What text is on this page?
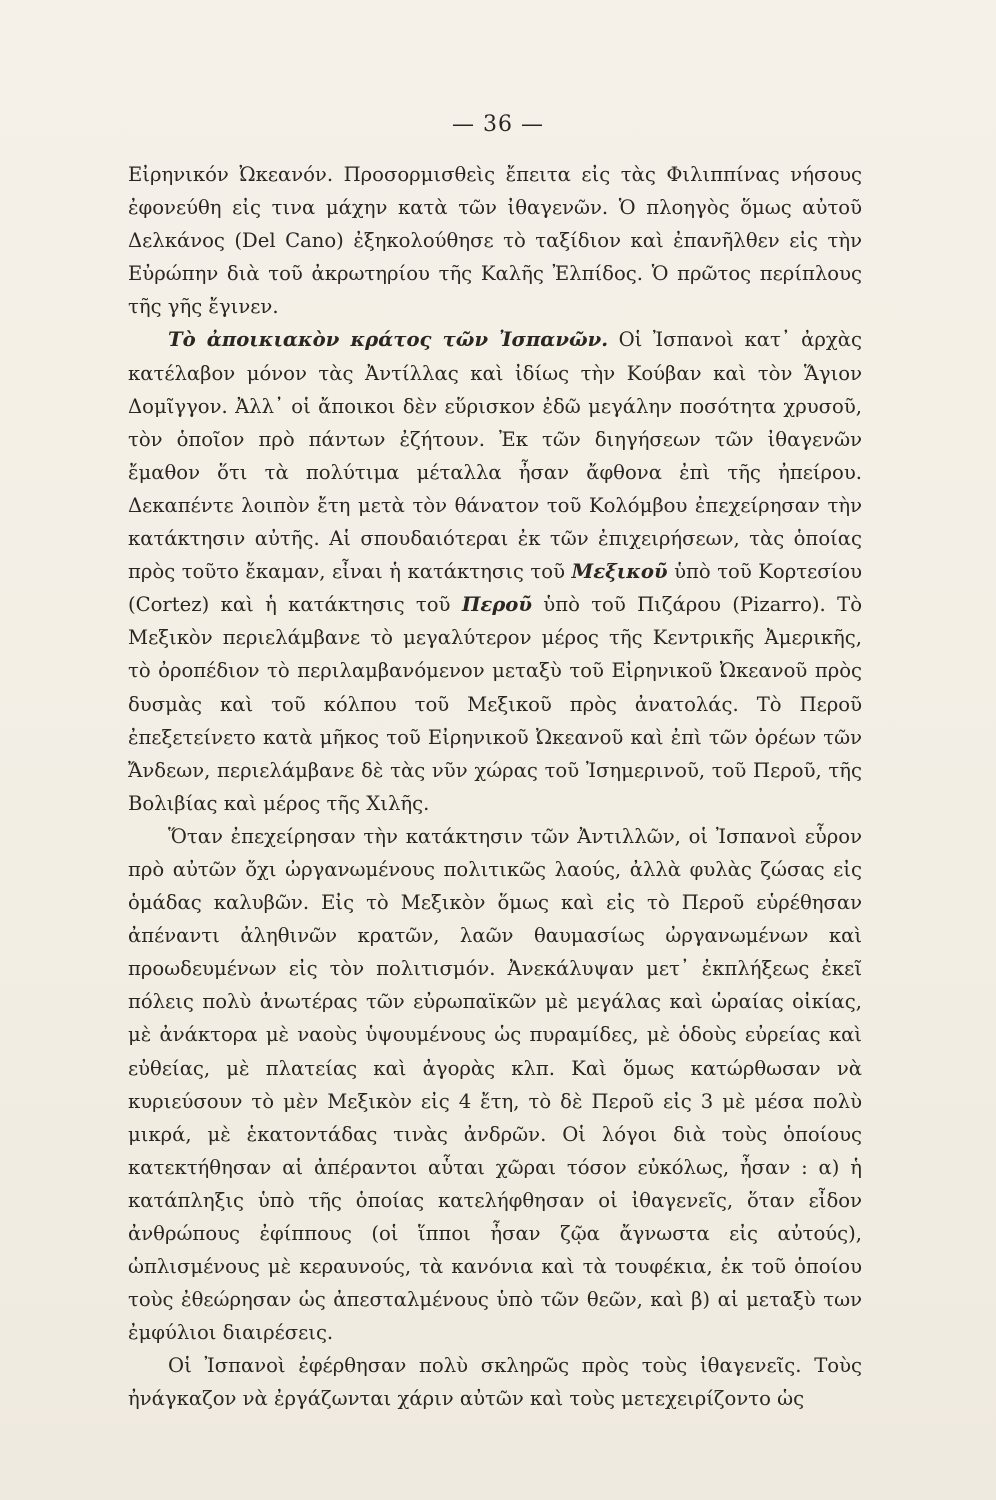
— 36 —

Εἰρηνικόν Ὠκεανόν. Προσορμισθεὶς ἔπειτα εἰς τὰς Φιλιππίνας νήσους ἐφονεύθη εἰς τινα μάχην κατὰ τῶν ἰθαγενῶν. Ὁ πλοηγὸς ὅμως αὐτοῦ Δελκάνος (Del Cano) ἐξηκολούθησε τὸ ταξίδιον καὶ ἐπανῆλθεν εἰς τὴν Εὐρώπην διὰ τοῦ ἀκρωτηρίου τῆς Καλῆς Ἐλπίδος. Ὁ πρῶτος περίπλους τῆς γῆς ἔγινεν.

Τὸ ἀποικιακὸν κράτος τῶν Ἰσπανῶν. Οἱ Ἰσπανοὶ κατ᾽ ἀρχὰς κατέλαβον μόνον τὰς Ἀντίλλας καὶ ἰδίως τὴν Κούβαν καὶ τὸν Ἅγιον Δομῖγγον. Ἀλλ᾽ οἱ ἄποικοι δὲν εὕρισκον ἐδῶ μεγάλην ποσότητα χρυσοῦ, τὸν ὁποῖον πρὸ πάντων ἐζήτουν. Ἐκ τῶν διηγήσεων τῶν ἰθαγενῶν ἔμαθον ὅτι τὰ πολύτιμα μέταλλα ἦσαν ἄφθονα ἐπὶ τῆς ἠπείρου. Δεκαπέντε λοιπὸν ἔτη μετὰ τὸν θάνατον τοῦ Κολόμβου ἐπεχείρησαν τὴν κατάκτησιν αὐτῆς. Αἱ σπουδαιότεραι ἐκ τῶν ἐπιχειρήσεων, τὰς ὁποίας πρὸς τοῦτο ἔκαμαν, εἶναι ἡ κατάκτησις τοῦ Μεξικοῦ ὑπὸ τοῦ Κορτεσίου (Cortez) καὶ ἡ κατάκτησις τοῦ Περοῦ ὑπὸ τοῦ Πιζάρου (Pizarro). Τὸ Μεξικὸν περιελάμβανε τὸ μεγαλύτερον μέρος τῆς Κεντρικῆς Ἀμερικῆς, τὸ ὀροπέδιον τὸ περιλαμβανόμενον μεταξὺ τοῦ Εἰρηνικοῦ Ὠκεανοῦ πρὸς δυσμὰς καὶ τοῦ κόλπου τοῦ Μεξικοῦ πρὸς ἀνατολάς. Τὸ Περοῦ ἐπεξετείνετο κατὰ μῆκος τοῦ Εἰρηνικοῦ Ὠκεανοῦ καὶ ἐπὶ τῶν ὀρέων τῶν Ἄνδεων, περιελάμβανε δὲ τὰς νῦν χώρας τοῦ Ἰσημερινοῦ, τοῦ Περοῦ, τῆς Βολιβίας καὶ μέρος τῆς Χιλῆς.

Ὅταν ἐπεχείρησαν τὴν κατάκτησιν τῶν Ἀντιλλῶν, οἱ Ἰσπανοὶ εὗρον πρὸ αὐτῶν ὄχι ὠργανωμένους πολιτικῶς λαούς, ἀλλὰ φυλὰς ζώσας εἰς ὁμάδας καλυβῶν. Εἰς τὸ Μεξικὸν ὅμως καὶ εἰς τὸ Περοῦ εὑρέθησαν ἀπέναντι ἀληθινῶν κρατῶν, λαῶν θαυμασίως ὠργανωμένων καὶ προωδευμένων εἰς τὸν πολιτισμόν. Ἀνεκάλυψαν μετ᾽ ἐκπλήξεως ἐκεῖ πόλεις πολὺ ἀνωτέρας τῶν εὐρωπαϊκῶν μὲ μεγάλας καὶ ὡραίας οἰκίας, μὲ ἀνάκτορα μὲ ναοὺς ὑψουμένους ὡς πυραμίδες, μὲ ὁδοὺς εὐρείας καὶ εὐθείας, μὲ πλατείας καὶ ἀγορὰς κλπ. Καὶ ὅμως κατώρθωσαν νὰ κυριεύσουν τὸ μὲν Μεξικὸν εἰς 4 ἔτη, τὸ δὲ Περοῦ εἰς 3 μὲ μέσα πολὺ μικρά, μὲ ἑκατοντάδας τινὰς ἀνδρῶν. Οἱ λόγοι διὰ τοὺς ὁποίους κατεκτήθησαν αἱ ἀπέραντοι αὗται χῶραι τόσον εὐκόλως, ἦσαν : α) ἡ κατάπληξις ὑπὸ τῆς ὁποίας κατελήφθησαν οἱ ἰθαγενεῖς, ὅταν εἶδον ἀνθρώπους ἐφίππους (οἱ ἵπποι ἦσαν ζῷα ἄγνωστα εἰς αὐτούς), ὡπλισμένους μὲ κεραυνούς, τὰ κανόνια καὶ τὰ τουφέκια, ἐκ τοῦ ὁποίου τοὺς ἐθεώρησαν ὡς ἀπεσταλμένους ὑπὸ τῶν θεῶν, καὶ β) αἱ μεταξὺ των ἐμφύλιοι διαιρέσεις.

Οἱ Ἰσπανοὶ ἐφέρθησαν πολὺ σκληρῶς πρὸς τοὺς ἰθαγενεῖς. Τοὺς ἠνάγκαζον νὰ ἐργάζωνται χάριν αὐτῶν καὶ τοὺς μετεχειρίζοντο ὡς
